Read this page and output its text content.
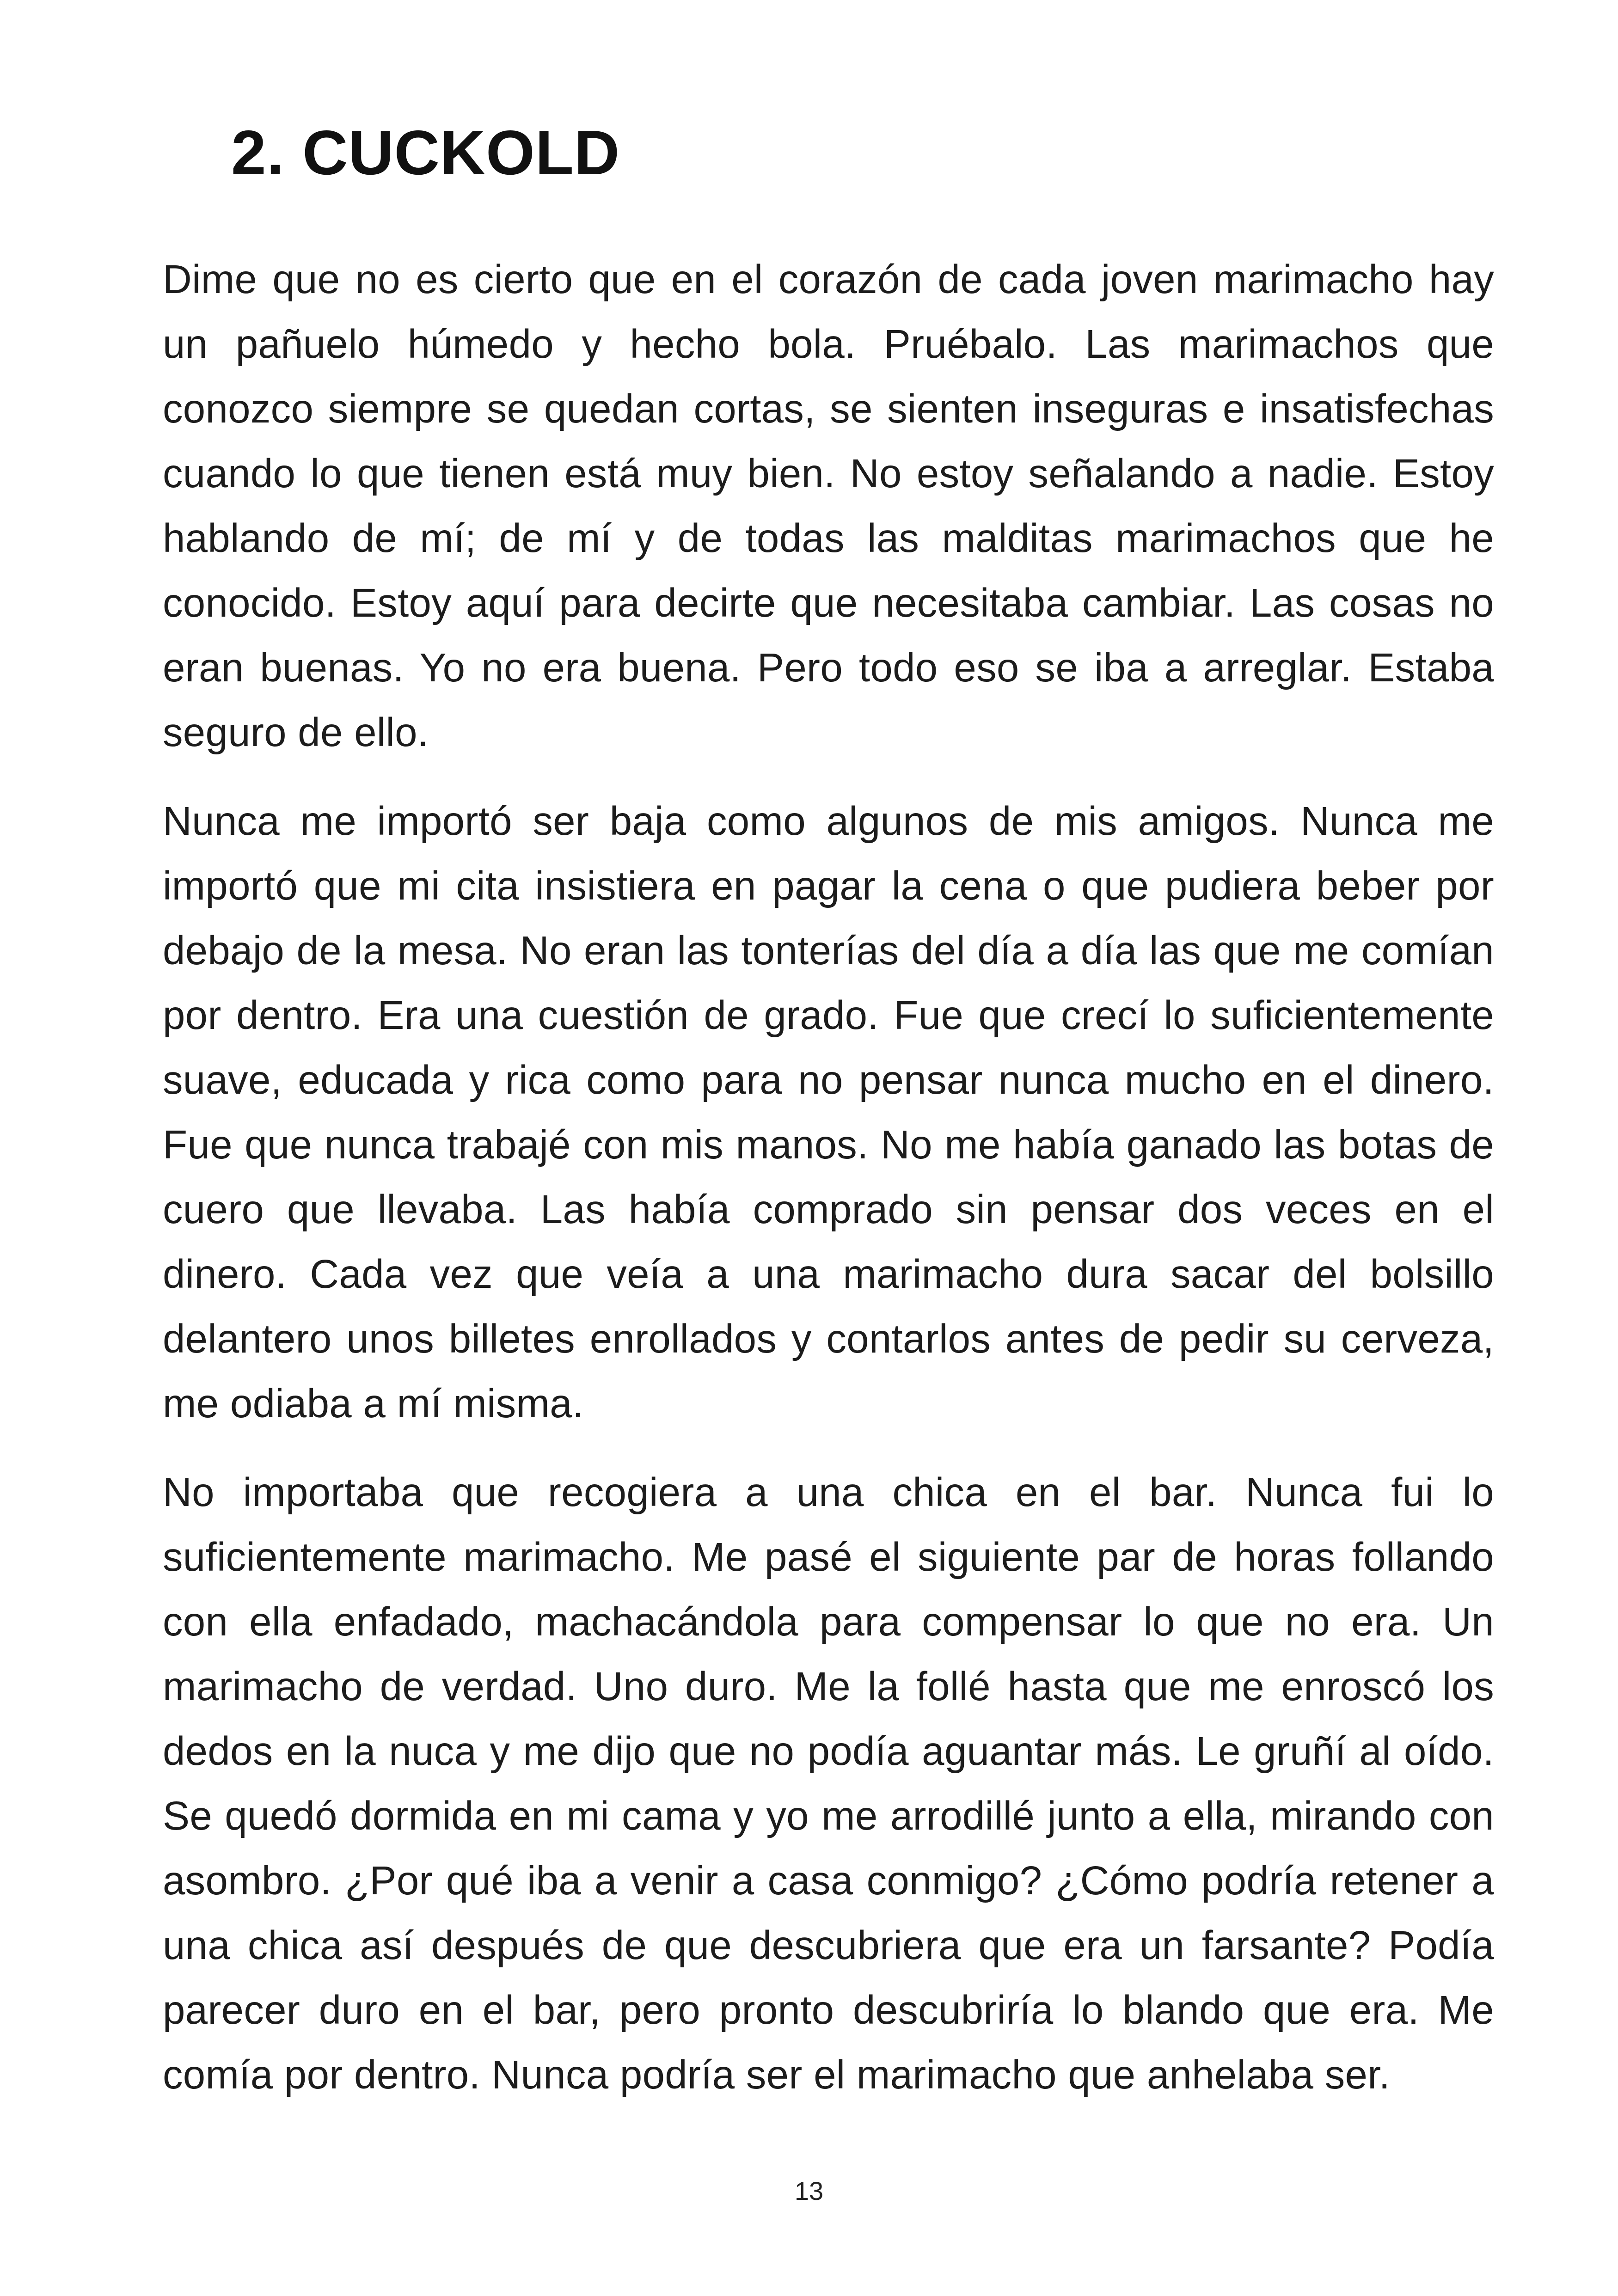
2. CUCKOLD

Dime que no es cierto que en el corazón de cada joven marimacho hay un pañuelo húmedo y hecho bola. Pruébalo. Las marimachos que conozco siempre se quedan cortas, se sienten inseguras e insatisfechas cuando lo que tienen está muy bien. No estoy señalando a nadie. Estoy hablando de mí; de mí y de todas las malditas marimachos que he conocido. Estoy aquí para decirte que necesitaba cambiar. Las cosas no eran buenas. Yo no era buena. Pero todo eso se iba a arreglar. Estaba seguro de ello.

Nunca me importó ser baja como algunos de mis amigos. Nunca me importó que mi cita insistiera en pagar la cena o que pudiera beber por debajo de la mesa. No eran las tonterías del día a día las que me comían por dentro. Era una cuestión de grado. Fue que crecí lo suficientemente suave, educada y rica como para no pensar nunca mucho en el dinero. Fue que nunca trabajé con mis manos. No me había ganado las botas de cuero que llevaba. Las había comprado sin pensar dos veces en el dinero. Cada vez que veía a una marimacho dura sacar del bolsillo delantero unos billetes enrollados y contarlos antes de pedir su cerveza, me odiaba a mí misma.

No importaba que recogiera a una chica en el bar. Nunca fui lo suficientemente marimacho. Me pasé el siguiente par de horas follando con ella enfadado, machacándola para compensar lo que no era. Un marimacho de verdad. Uno duro. Me la follé hasta que me enroscó los dedos en la nuca y me dijo que no podía aguantar más. Le gruñí al oído. Se quedó dormida en mi cama y yo me arrodillé junto a ella, mirando con asombro. ¿Por qué iba a venir a casa conmigo? ¿Cómo podría retener a una chica así después de que descubriera que era un farsante? Podía parecer duro en el bar, pero pronto descubriría lo blando que era. Me comía por dentro. Nunca podría ser el marimacho que anhelaba ser.

13
